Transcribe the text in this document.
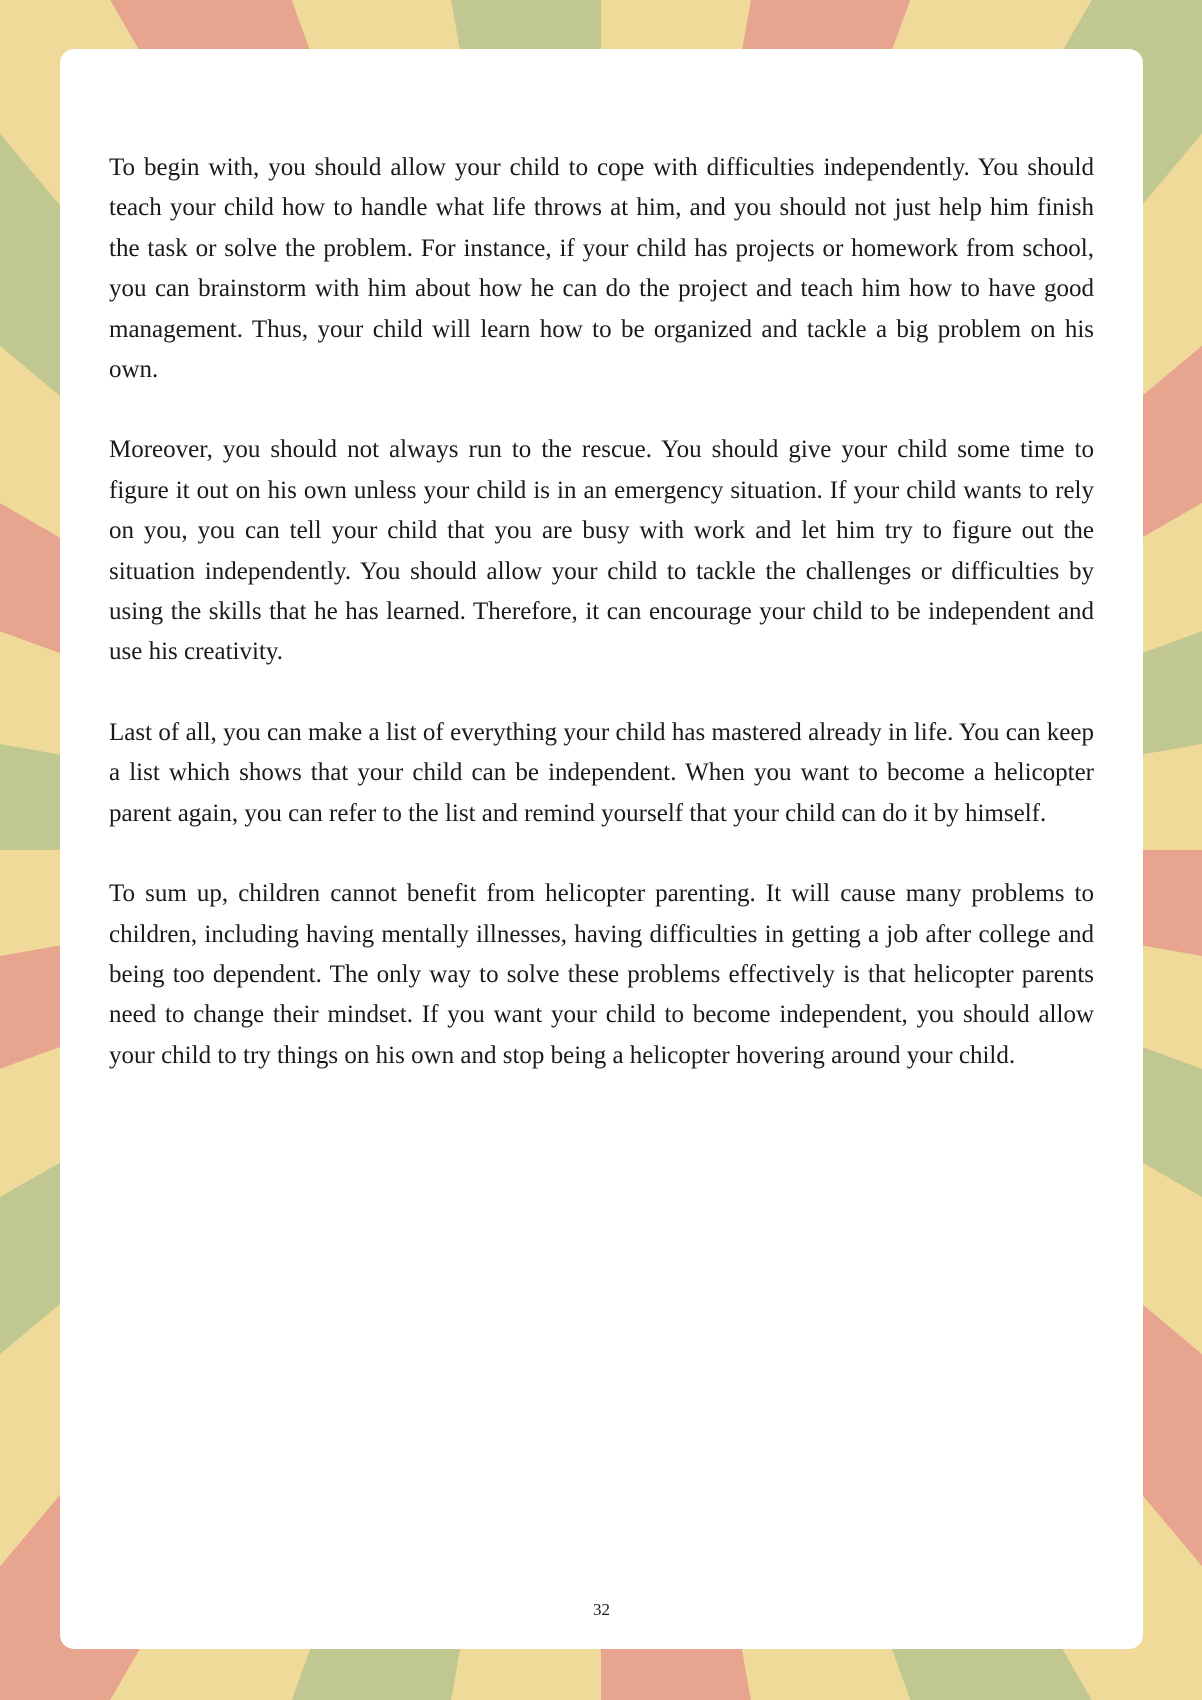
To begin with, you should allow your child to cope with difficulties independently. You should teach your child how to handle what life throws at him, and you should not just help him finish the task or solve the problem. For instance, if your child has projects or homework from school, you can brainstorm with him about how he can do the project and teach him how to have good management. Thus, your child will learn how to be organized and tackle a big problem on his own.

Moreover, you should not always run to the rescue. You should give your child some time to figure it out on his own unless your child is in an emergency situation. If your child wants to rely on you, you can tell your child that you are busy with work and let him try to figure out the situation independently. You should allow your child to tackle the challenges or difficulties by using the skills that he has learned. Therefore, it can encourage your child to be independent and use his creativity.

Last of all, you can make a list of everything your child has mastered already in life. You can keep a list which shows that your child can be independent. When you want to become a helicopter parent again, you can refer to the list and remind yourself that your child can do it by himself.

To sum up, children cannot benefit from helicopter parenting. It will cause many problems to children, including having mentally illnesses, having difficulties in getting a job after college and being too dependent. The only way to solve these problems effectively is that helicopter parents need to change their mindset. If you want your child to become independent, you should allow your child to try things on his own and stop being a helicopter hovering around your child.

32
